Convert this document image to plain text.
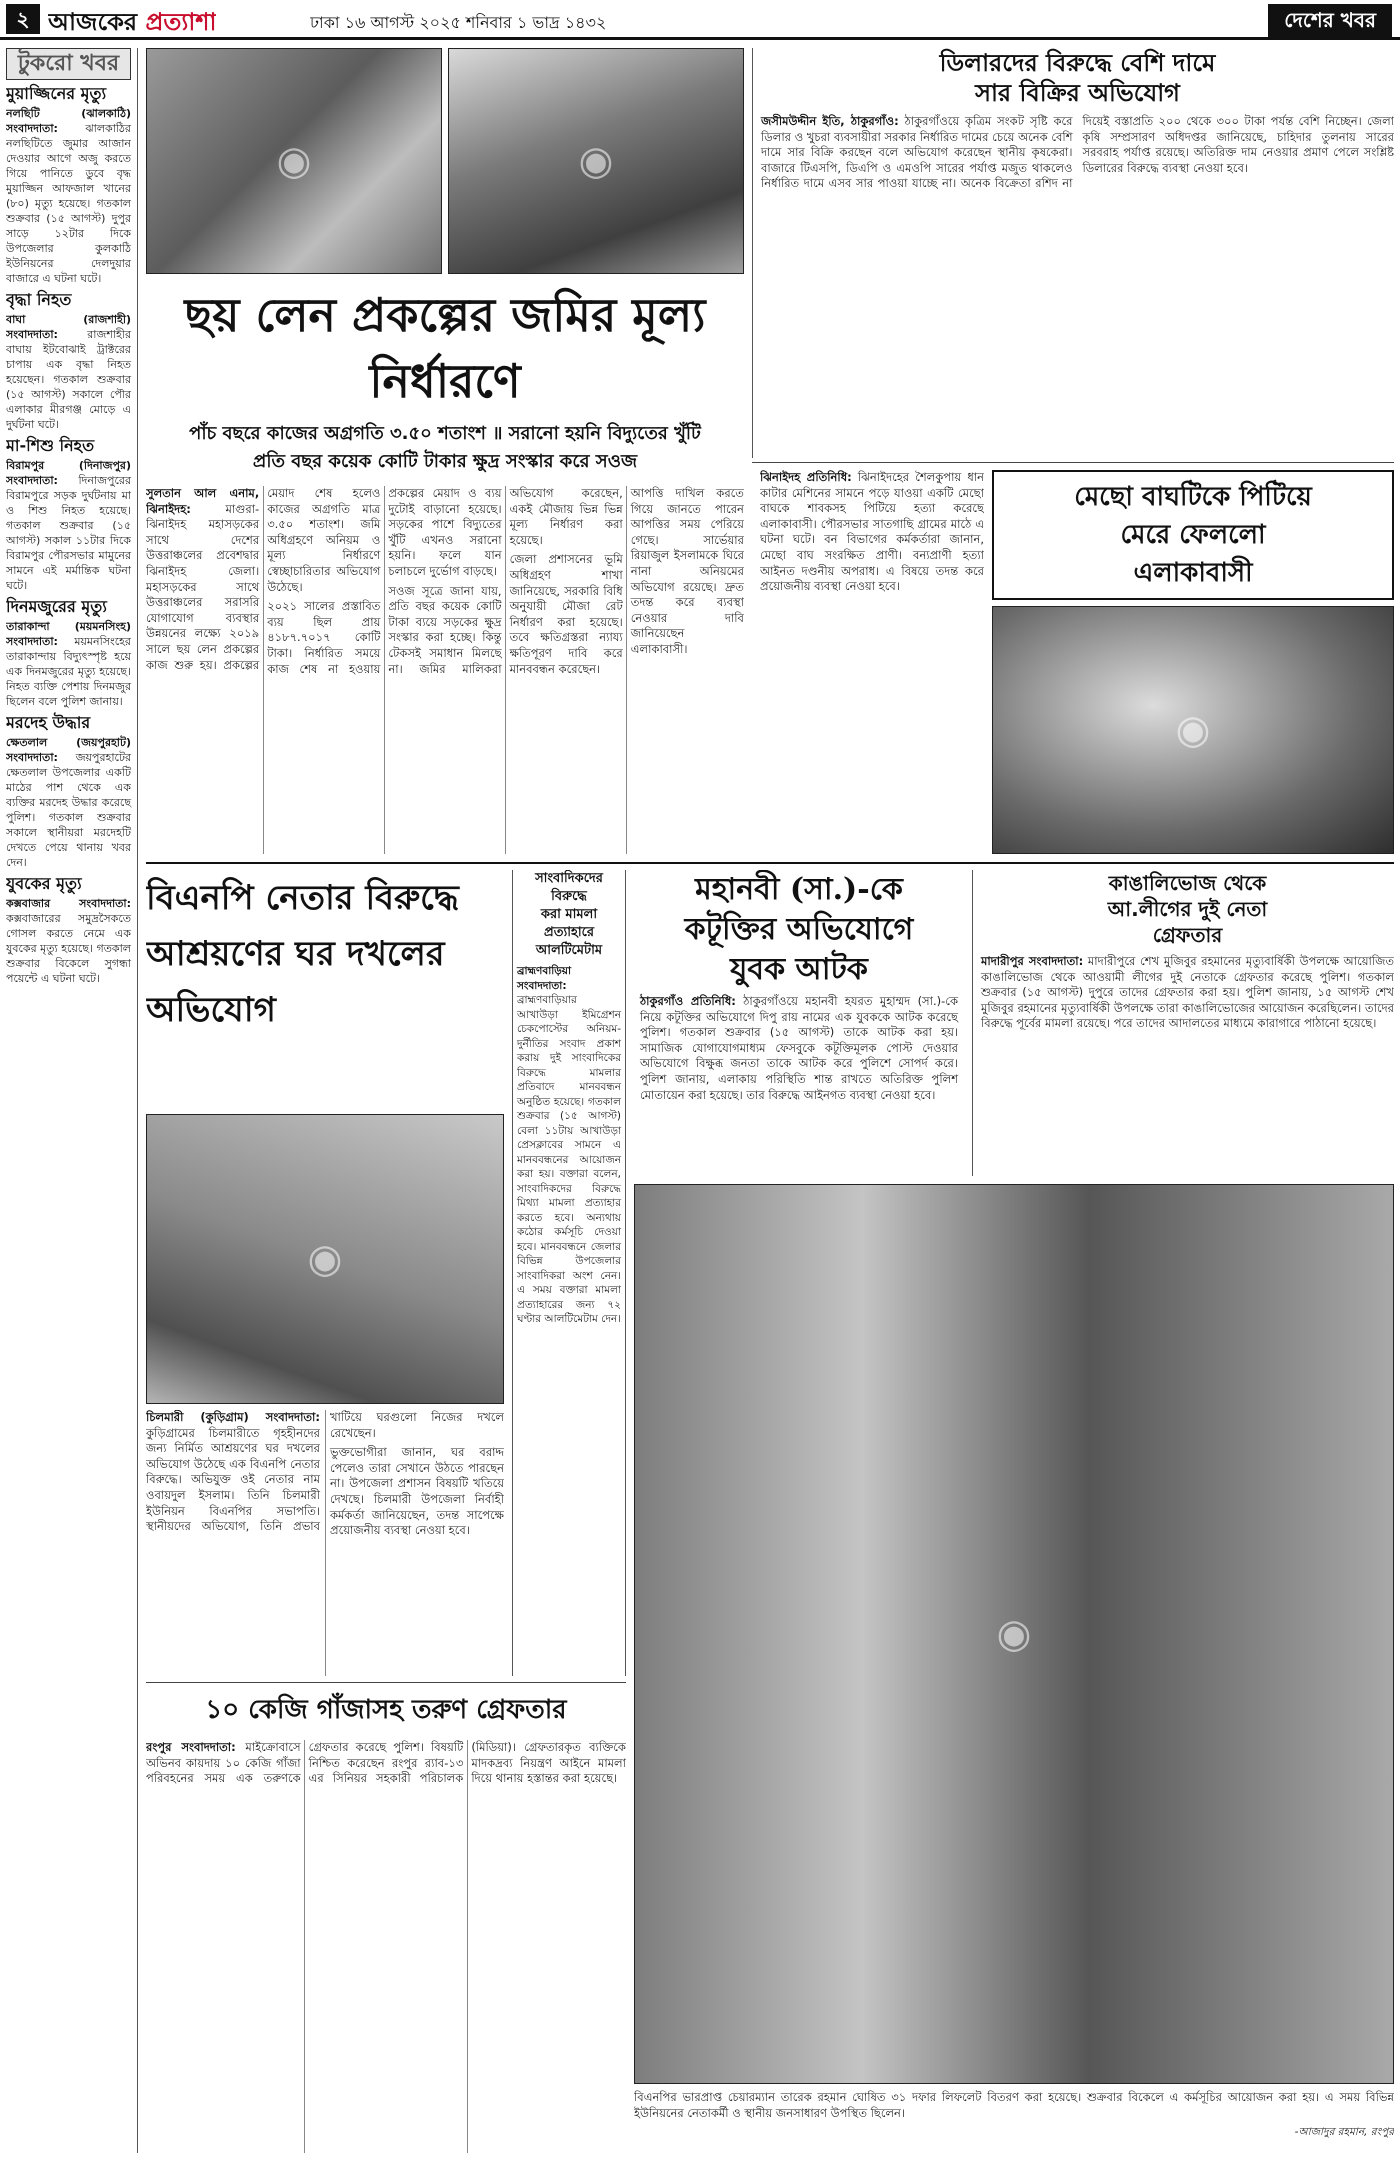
২ আজকের প্রত্যাশা	ঢাকা ১৬ আগস্ট ২০২৫ শনিবার ১ ভাদ্র ১৪৩২	দেশের খবর
টুকরো খবর
মুয়াজ্জিনের মৃত্যু

নলছিটি (ঝালকাঠি) সংবাদদাতা: ঝালকাঠির নলছিটিতে জুমার আজান দেওয়ার আগে অজু করতে গিয়ে পানিতে ডুবে বৃদ্ধ মুয়াজ্জিন আফজাল খানের (৮০) মৃত্যু হয়েছে। গতকাল শুক্রবার (১৫ আগস্ট) দুপুর সাড়ে ১২টার দিকে উপজেলার কুলকাঠি ইউনিয়নের দেলদুয়ার বাজারে এ ঘটনা ঘটে।

বৃদ্ধা নিহত

বাঘা (রাজশাহী) সংবাদদাতা:	রাজশাহীর বাঘায় ইটবোঝাই ট্রাক্টরের চাপায় এক বৃদ্ধা নিহত হয়েছেন। গতকাল শুক্রবার (১৫ আগস্ট) সকালে পৌর এলাকার মীরগঞ্জ মোড়ে এ দুর্ঘটনা ঘটে।

মা-শিশু নিহত

বিরামপুর (দিনাজপুর) সংবাদদাতা: দিনাজপুরের বিরামপুরে সড়ক দুর্ঘটনায় মা ও শিশু নিহত হয়েছে। গতকাল শুক্রবার (১৫ আগস্ট) সকাল ১১টার দিকে বিরামপুর পৌরসভার মামুনের সামনে এই মর্মান্তিক ঘটনা ঘটে।

দিনমজুরের মৃত্যু

তারাকান্দা (ময়মনসিংহ) সংবাদদাতা: ময়মনসিংহের তারাকান্দায় বিদ্যুৎস্পৃষ্ট হয়ে এক দিনমজুরের মৃত্যু হয়েছে। নিহত ব্যক্তি পেশায় দিনমজুর ছিলেন বলে পুলিশ জানায়।

মরদেহ উদ্ধার

ক্ষেতলাল (জয়পুরহাট) সংবাদদাতা: জয়পুরহাটের ক্ষেতলাল উপজেলার একটি মাঠের পাশ থেকে এক ব্যক্তির মরদেহ উদ্ধার করেছে পুলিশ। গতকাল শুক্রবার সকালে স্থানীয়রা মরদেহটি দেখতে পেয়ে থানায় খবর দেন।

যুবকের মৃত্যু

কক্সবাজার সংবাদদাতা: কক্সবাজারের সমুদ্রসৈকতে গোসল করতে নেমে এক যুবকের মৃত্যু হয়েছে। গতকাল শুক্রবার বিকেলে সুগন্ধা পয়েন্টে এ ঘটনা ঘটে।

◉	◉
ছয় লেন প্রকল্পের জমির মূল্য নির্ধারণে
পাঁচ বছরে কাজের অগ্রগতি ৩.৫০ শতাংশ ॥ সরানো হয়নি বিদ্যুতের খুঁটি
প্রতি বছর কয়েক কোটি টাকার ক্ষুদ্র সংস্কার করে সওজ

সুলতান আল এনাম, ঝিনাইদহ:	মাগুরা-ঝিনাইদহ মহাসড়কের সাথে দেশের উত্তরাঞ্চলের প্রবেশদ্বার ঝিনাইদহ জেলা। মহাসড়কের সাথে উত্তরাঞ্চলের সরাসরি যোগাযোগ ব্যবস্থার উন্নয়নের লক্ষ্যে ২০১৯ সালে ছয় লেন প্রকল্পের কাজ শুরু হয়। প্রকল্পের মেয়াদ শেষ হলেও কাজের অগ্রগতি মাত্র ৩.৫০ শতাংশ। জমি অধিগ্রহণে অনিয়ম ও মূল্য নির্ধারণে স্বেচ্ছাচারিতার অভিযোগ উঠেছে।

২০২১ সালের প্রস্তাবিত ব্যয় ছিল প্রায় ৪১৮৭.৭০১৭ কোটি টাকা। নির্ধারিত সময়ে কাজ শেষ না হওয়ায় প্রকল্পের মেয়াদ ও ব্যয় দুটোই বাড়ানো হয়েছে। সড়কের পাশে বিদ্যুতের খুঁটি এখনও সরানো হয়নি। ফলে যান চলাচলে দুর্ভোগ বাড়ছে।

সওজ সূত্রে জানা যায়, প্রতি বছর কয়েক কোটি টাকা ব্যয়ে সড়কের ক্ষুদ্র সংস্কার করা হচ্ছে। কিন্তু টেকসই সমাধান মিলছে না। জমির মালিকরা অভিযোগ করেছেন, একই মৌজায় ভিন্ন ভিন্ন মূল্য নির্ধারণ করা হয়েছে।

জেলা প্রশাসনের ভূমি অধিগ্রহণ শাখা জানিয়েছে, সরকারি বিধি অনুযায়ী মৌজা রেট নির্ধারণ করা হয়েছে। তবে ক্ষতিগ্রস্তরা ন্যায্য ক্ষতিপূরণ দাবি করে মানববন্ধন করেছেন।

আপত্তি দাখিল করতে গিয়ে জানতে পারেন আপত্তির সময় পেরিয়ে গেছে। সার্ভেয়ার রিয়াজুল ইসলামকে ঘিরে নানা অনিয়মের অভিযোগ রয়েছে। দ্রুত তদন্ত করে ব্যবস্থা নেওয়ার দাবি জানিয়েছেন এলাকাবাসী।

ডিলারদের বিরুদ্ধে বেশি দামে
সার বিক্রির অভিযোগ

জসীমউদ্দীন ইতি, ঠাকুরগাঁও: ঠাকুরগাঁওয়ে কৃত্রিম সংকট সৃষ্টি করে ডিলার ও খুচরা ব্যবসায়ীরা সরকার নির্ধারিত দামের চেয়ে অনেক বেশি দামে সার বিক্রি করছেন বলে অভিযোগ করেছেন স্থানীয় কৃষকেরা। বাজারে টিএসপি, ডিএপি ও এমওপি সারের পর্যাপ্ত মজুত থাকলেও নির্ধারিত দামে এসব সার পাওয়া যাচ্ছে না। অনেক বিক্রেতা রশিদ না দিয়েই বস্তাপ্রতি ২০০ থেকে ৩০০ টাকা পর্যন্ত বেশি নিচ্ছেন। জেলা কৃষি সম্প্রসারণ অধিদপ্তর জানিয়েছে, চাহিদার তুলনায় সারের সরবরাহ পর্যাপ্ত রয়েছে। অতিরিক্ত দাম নেওয়ার প্রমাণ পেলে সংশ্লিষ্ট ডিলারের বিরুদ্ধে ব্যবস্থা নেওয়া হবে।

ঝিনাইদহ প্রতিনিধি: ঝিনাইদহের শৈলকুপায় ধান কাটার মেশিনের সামনে পড়ে যাওয়া একটি মেছো বাঘকে শাবকসহ পিটিয়ে হত্যা করেছে এলাকাবাসী। পৌরসভার সাতগাছি গ্রামের মাঠে এ ঘটনা ঘটে। বন বিভাগের কর্মকর্তারা জানান, মেছো বাঘ সংরক্ষিত প্রাণী। বন্যপ্রাণী হত্যা আইনত দণ্ডনীয় অপরাধ। এ বিষয়ে তদন্ত করে প্রয়োজনীয় ব্যবস্থা নেওয়া হবে।

মেছো বাঘটিকে পিটিয়ে
মেরে ফেললো
এলাকাবাসী
◉
বিএনপি নেতার বিরুদ্ধে
আশ্রয়ণের ঘর দখলের
অভিযোগ
◉

চিলমারী (কুড়িগ্রাম) সংবাদদাতা: কুড়িগ্রামের চিলমারীতে গৃহহীনদের জন্য নির্মিত আশ্রয়ণের ঘর দখলের অভিযোগ উঠেছে এক বিএনপি নেতার বিরুদ্ধে। অভিযুক্ত ওই নেতার নাম ওবায়দুল ইসলাম। তিনি চিলমারী ইউনিয়ন বিএনপির সভাপতি। স্থানীয়দের অভিযোগ, তিনি প্রভাব খাটিয়ে ঘরগুলো নিজের দখলে রেখেছেন।

ভুক্তভোগীরা জানান, ঘর বরাদ্দ পেলেও তারা সেখানে উঠতে পারছেন না। উপজেলা প্রশাসন বিষয়টি খতিয়ে দেখছে। চিলমারী উপজেলা নির্বাহী কর্মকর্তা জানিয়েছেন, তদন্ত সাপেক্ষে প্রয়োজনীয় ব্যবস্থা নেওয়া হবে।

১০ কেজি গাঁজাসহ তরুণ গ্রেফতার

রংপুর সংবাদদাতা: মাইক্রোবাসে অভিনব কায়দায় ১০ কেজি গাঁজা পরিবহনের সময় এক তরুণকে গ্রেফতার করেছে পুলিশ। বিষয়টি নিশ্চিত করেছেন রংপুর র‍্যাব-১৩ এর সিনিয়র সহকারী পরিচালক (মিডিয়া)। গ্রেফতারকৃত ব্যক্তিকে মাদকদ্রব্য নিয়ন্ত্রণ আইনে মামলা দিয়ে থানায় হস্তান্তর করা হয়েছে।

সাংবাদিকদের বিরুদ্ধে
করা মামলা প্রত্যাহারে
আলটিমেটাম

ব্রাহ্মণবাড়িয়া সংবাদদাতা: ব্রাহ্মণবাড়িয়ার আখাউড়া ইমিগ্রেশন চেকপোস্টের অনিয়ম-দুর্নীতির সংবাদ প্রকাশ করায় দুই সাংবাদিকের বিরুদ্ধে মামলার প্রতিবাদে মানববন্ধন অনুষ্ঠিত হয়েছে। গতকাল শুক্রবার (১৫ আগস্ট) বেলা ১১টায় আখাউড়া প্রেসক্লাবের সামনে এ মানববন্ধনের আয়োজন করা হয়। বক্তারা বলেন, সাংবাদিকদের বিরুদ্ধে মিথ্যা মামলা প্রত্যাহার করতে হবে। অন্যথায় কঠোর কর্মসূচি দেওয়া হবে। মানববন্ধনে জেলার বিভিন্ন উপজেলার সাংবাদিকরা অংশ নেন। এ সময় বক্তারা মামলা প্রত্যাহারের জন্য ৭২ ঘণ্টার আলটিমেটাম দেন।

মহানবী (সা.)-কে
কটূক্তির অভিযোগে
যুবক আটক

ঠাকুরগাঁও প্রতিনিধি: ঠাকুরগাঁওয়ে মহানবী হযরত মুহাম্মদ (সা.)-কে নিয়ে কটূক্তির অভিযোগে দিপু রায় নামের এক যুবককে আটক করেছে পুলিশ। গতকাল শুক্রবার (১৫ আগস্ট) তাকে আটক করা হয়। সামাজিক যোগাযোগমাধ্যম ফেসবুকে কটূক্তিমূলক পোস্ট দেওয়ার অভিযোগে বিক্ষুব্ধ জনতা তাকে আটক করে পুলিশে সোপর্দ করে। পুলিশ জানায়, এলাকায় পরিস্থিতি শান্ত রাখতে অতিরিক্ত পুলিশ মোতায়েন করা হয়েছে। তার বিরুদ্ধে আইনগত ব্যবস্থা নেওয়া হবে।

কাঙালিভোজ থেকে
আ.লীগের দুই নেতা
গ্রেফতার

মাদারীপুর সংবাদদাতা: মাদারীপুরে শেখ মুজিবুর রহমানের মৃত্যুবার্ষিকী উপলক্ষে আয়োজিত কাঙালিভোজ থেকে আওয়ামী লীগের দুই নেতাকে গ্রেফতার করেছে পুলিশ। গতকাল শুক্রবার (১৫ আগস্ট) দুপুরে তাদের গ্রেফতার করা হয়। পুলিশ জানায়, ১৫ আগস্ট শেখ মুজিবুর রহমানের মৃত্যুবার্ষিকী উপলক্ষে তারা কাঙালিভোজের আয়োজন করেছিলেন। তাদের বিরুদ্ধে পূর্বের মামলা রয়েছে। পরে তাদের আদালতের মাধ্যমে কারাগারে পাঠানো হয়েছে।

◉

বিএনপির ভারপ্রাপ্ত চেয়ারম্যান তারেক রহমান ঘোষিত ৩১ দফার লিফলেট বিতরণ করা হয়েছে। শুক্রবার বিকেলে এ কর্মসূচির আয়োজন করা হয়। এ সময় বিভিন্ন ইউনিয়নের নেতাকর্মী ও স্থানীয় জনসাধারণ উপস্থিত ছিলেন।

-আজাদুর রহমান, রংপুর
